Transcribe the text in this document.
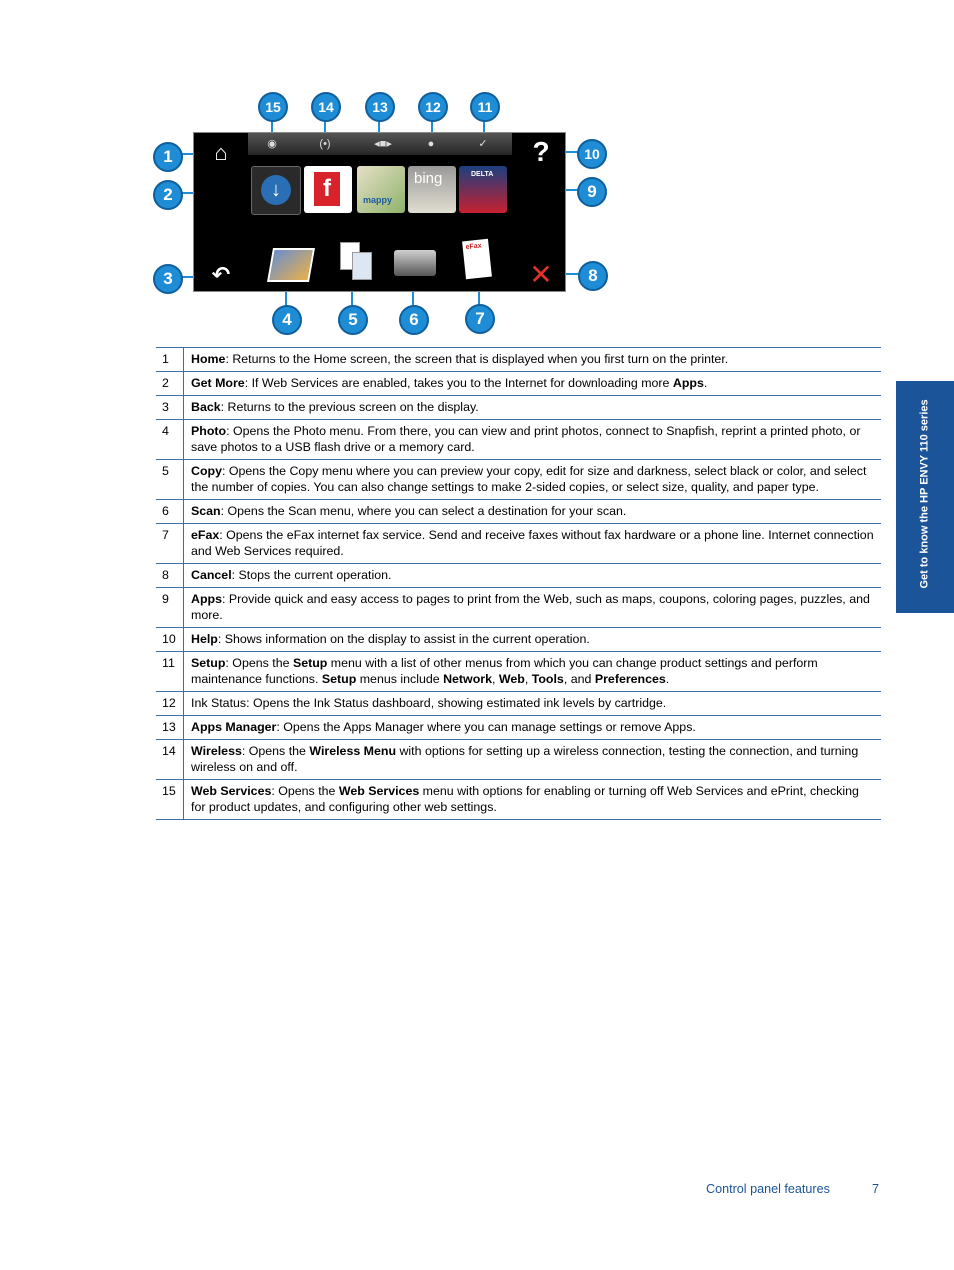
◉	(•)	◂■▸	●	✓
⌂	?
↶	✕
↓	f	mappy
bing	DELTA
eFax
1
2
3
4	5	6	7
8
9
10
11
12
13
14
15
1	Home: Returns to the Home screen, the screen that is displayed when you first turn on the printer.
2	Get More: If Web Services are enabled, takes you to the Internet for downloading more Apps.
3	Back: Returns to the previous screen on the display.
4	Photo: Opens the Photo menu. From there, you can view and print photos, connect to Snapfish, reprint a printed photo, or save photos to a USB flash drive or a memory card.
5	Copy: Opens the Copy menu where you can preview your copy, edit for size and darkness, select black or color, and select the number of copies. You can also change settings to make 2-sided copies, or select size, quality, and paper type.
6	Scan: Opens the Scan menu, where you can select a destination for your scan.
7	eFax: Opens the eFax internet fax service. Send and receive faxes without fax hardware or a phone line. Internet connection and Web Services required.
8	Cancel: Stops the current operation.
9	Apps: Provide quick and easy access to pages to print from the Web, such as maps, coupons, coloring pages, puzzles, and more.
10	Help: Shows information on the display to assist in the current operation.
11	Setup: Opens the Setup menu with a list of other menus from which you can change product settings and perform maintenance functions. Setup menus include Network, Web, Tools, and Preferences.
12	Ink Status: Opens the Ink Status dashboard, showing estimated ink levels by cartridge.
13	Apps Manager: Opens the Apps Manager where you can manage settings or remove Apps.
14	Wireless: Opens the Wireless Menu with options for setting up a wireless connection, testing the connection, and turning wireless on and off.
15	Web Services: Opens the Web Services menu with options for enabling or turning off Web Services and ePrint, checking for product updates, and configuring other web settings.
Get to know the HP ENVY 110 series
Control panel features	7
